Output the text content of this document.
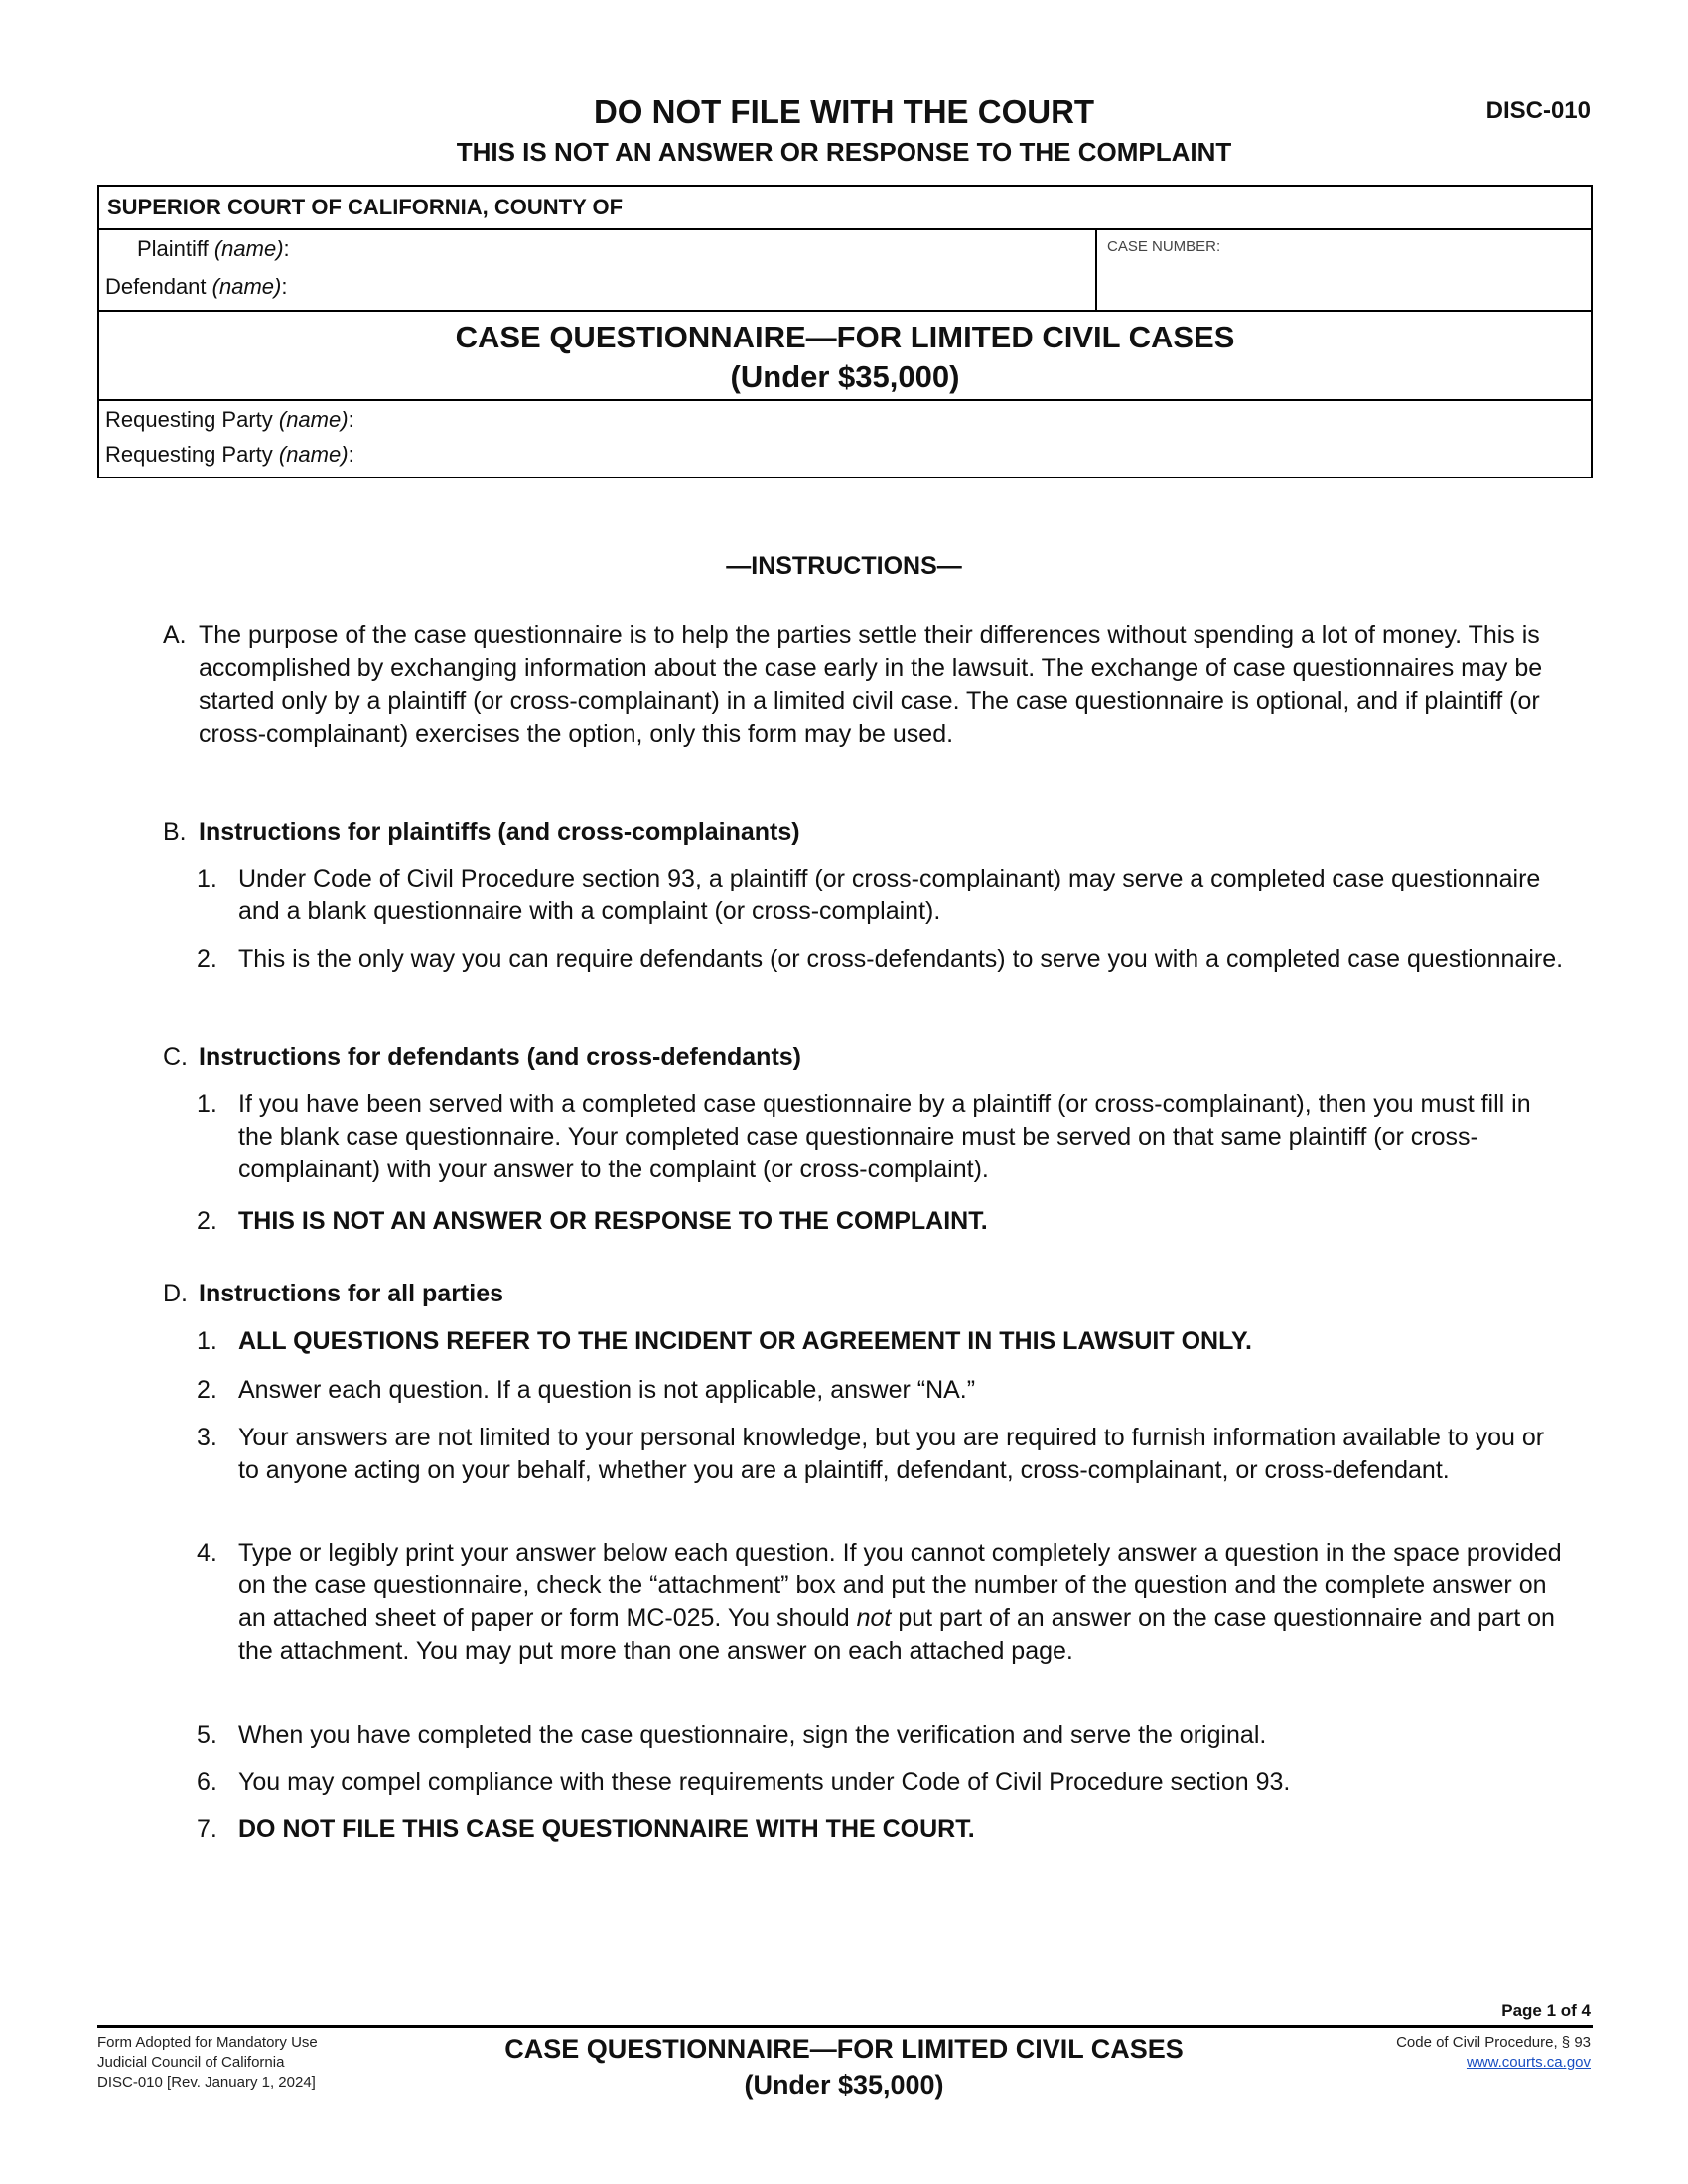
DO NOT FILE WITH THE COURT
THIS IS NOT AN ANSWER OR RESPONSE TO THE COMPLAINT
DISC-010
SUPERIOR COURT OF CALIFORNIA, COUNTY OF
Plaintiff (name):
Defendant (name):
CASE NUMBER:
CASE QUESTIONNAIRE—FOR LIMITED CIVIL CASES
(Under $35,000)
Requesting Party (name):
Requesting Party (name):
—INSTRUCTIONS—
A. The purpose of the case questionnaire is to help the parties settle their differences without spending a lot of money. This is accomplished by exchanging information about the case early in the lawsuit. The exchange of case questionnaires may be started only by a plaintiff (or cross-complainant) in a limited civil case. The case questionnaire is optional, and if plaintiff (or cross-complainant) exercises the option, only this form may be used.
B. Instructions for plaintiffs (and cross-complainants)
1. Under Code of Civil Procedure section 93, a plaintiff (or cross-complainant) may serve a completed case questionnaire and a blank questionnaire with a complaint (or cross-complaint).
2. This is the only way you can require defendants (or cross-defendants) to serve you with a completed case questionnaire.
C. Instructions for defendants (and cross-defendants)
1. If you have been served with a completed case questionnaire by a plaintiff (or cross-complainant), then you must fill in the blank case questionnaire. Your completed case questionnaire must be served on that same plaintiff (or cross-complainant) with your answer to the complaint (or cross-complaint).
2. THIS IS NOT AN ANSWER OR RESPONSE TO THE COMPLAINT.
D. Instructions for all parties
1. ALL QUESTIONS REFER TO THE INCIDENT OR AGREEMENT IN THIS LAWSUIT ONLY.
2. Answer each question. If a question is not applicable, answer “NA.”
3. Your answers are not limited to your personal knowledge, but you are required to furnish information available to you or to anyone acting on your behalf, whether you are a plaintiff, defendant, cross-complainant, or cross-defendant.
4. Type or legibly print your answer below each question. If you cannot completely answer a question in the space provided on the case questionnaire, check the “attachment” box and put the number of the question and the complete answer on an attached sheet of paper or form MC-025. You should not put part of an answer on the case questionnaire and part on the attachment. You may put more than one answer on each attached page.
5. When you have completed the case questionnaire, sign the verification and serve the original.
6. You may compel compliance with these requirements under Code of Civil Procedure section 93.
7. DO NOT FILE THIS CASE QUESTIONNAIRE WITH THE COURT.
Page 1 of 4
Form Adopted for Mandatory Use
Judicial Council of California
DISC-010 [Rev. January 1, 2024]
CASE QUESTIONNAIRE—FOR LIMITED CIVIL CASES
(Under $35,000)
Code of Civil Procedure, § 93
www.courts.ca.gov
